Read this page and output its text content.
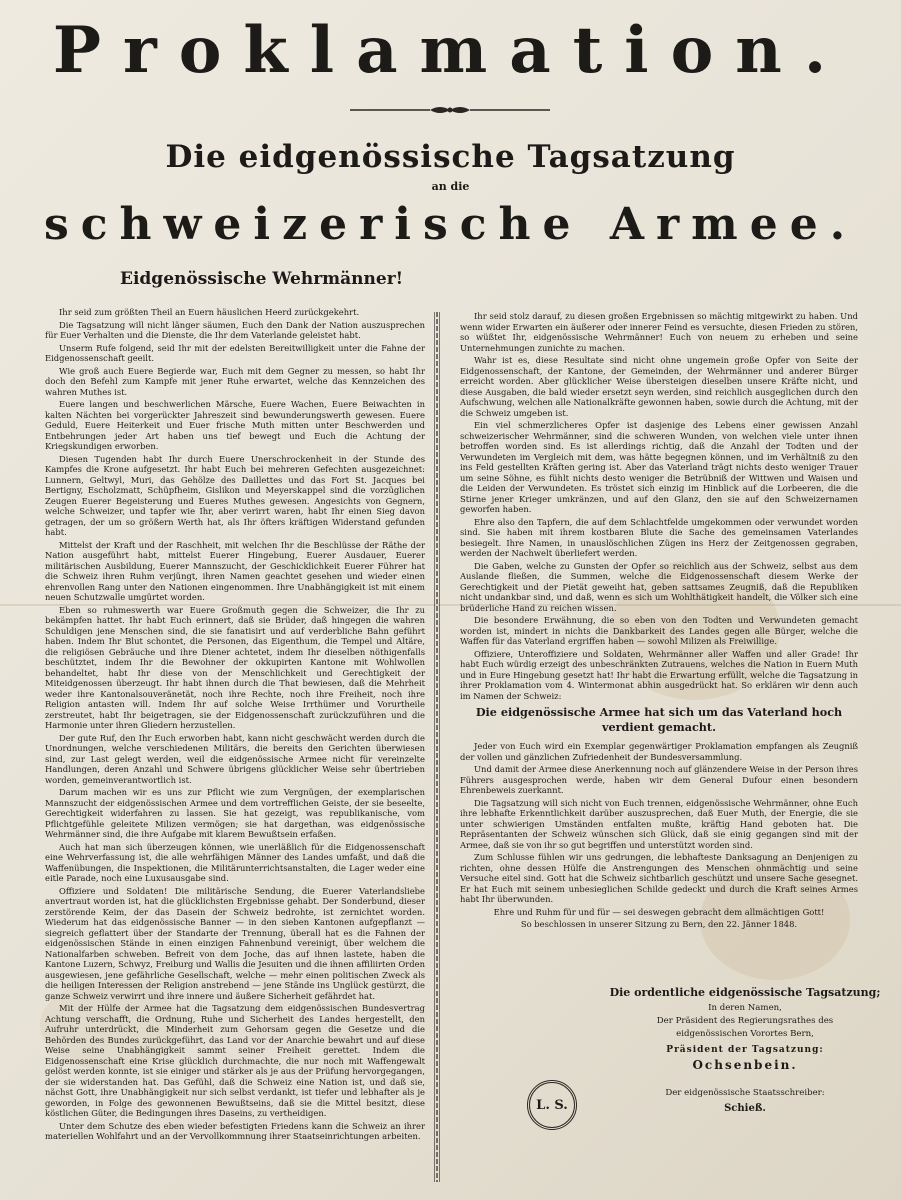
Proklamation.
Die eidgenössische Tagsatzung
an die
schweizerische Armee.
Eidgenössische Wehrmänner!

Ihr seid zum größten Theil an Euern häuslichen Heerd zurückgekehrt.

Die Tagsatzung will nicht länger säumen, Euch den Dank der Nation auszusprechen für Euer Verhalten und die Dienste, die Ihr dem Vaterlande geleistet habt.

Unserm Rufe folgend, seid Ihr mit der edelsten Bereitwilligkeit unter die Fahne der Eidgenossenschaft geeilt.

Wie groß auch Euere Begierde war, Euch mit dem Gegner zu messen, so habt Ihr doch den Befehl zum Kampfe mit jener Ruhe erwartet, welche das Kennzeichen des wahren Muthes ist.

Euere langen und beschwerlichen Märsche, Euere Wachen, Euere Beiwachten in kalten Nächten bei vorgerückter Jahreszeit sind bewunderungswerth gewesen. Euere Geduld, Euere Heiterkeit und Euer frische Muth mitten unter Beschwerden und Entbehrungen jeder Art haben uns tief bewegt und Euch die Achtung der Kriegskundigen erworben.

Diesen Tugenden habt Ihr durch Euere Unerschrockenheit in der Stunde des Kampfes die Krone aufgesetzt. Ihr habt Euch bei mehreren Gefechten ausgezeichnet: Lunnern, Geltwyl, Muri, das Gehölze des Daillettes und das Fort St. Jacques bei Bertigny, Escholzmatt, Schüpfheim, Gislikon und Meyerskappel sind die vorzüglichen Zeugen Euerer Begeisterung und Eueres Muthes gewesen. Angesichts von Gegnern, welche Schweizer, und tapfer wie Ihr, aber verirrt waren, habt Ihr einen Sieg davon getragen, der um so größern Werth hat, als Ihr öfters kräftigen Widerstand gefunden habt.

Mittelst der Kraft und der Raschheit, mit welchen Ihr die Beschlüsse der Räthe der Nation ausgeführt habt, mittelst Euerer Hingebung, Euerer Ausdauer, Euerer militärischen Ausbildung, Euerer Mannszucht, der Geschicklichkeit Euerer Führer hat die Schweiz ihren Ruhm verjüngt, ihren Namen geachtet gesehen und wieder einen ehrenvollen Rang unter den Nationen eingenommen. Ihre Unabhängigkeit ist mit einem neuen Schutzwalle umgürtet worden.

Eben so ruhmeswerth war Euere Großmuth gegen die Schweizer, die Ihr zu bekämpfen hattet. Ihr habt Euch erinnert, daß sie Brüder, daß hingegen die wahren Schuldigen jene Menschen sind, die sie fanatisirt und auf verderbliche Bahn geführt haben. Indem Ihr Blut schontet, die Personen, das Eigenthum, die Tempel und Altäre, die religiösen Gebräuche und ihre Diener achtetet, indem Ihr dieselben nöthigenfalls beschütztet, indem Ihr die Bewohner der okkupirten Kantone mit Wohlwollen behandeltet, habt Ihr diese von der Menschlichkeit und Gerechtigkeit der Miteidgenossen überzeugt. Ihr habt ihnen durch die That bewiesen, daß die Mehrheit weder ihre Kantonalsouveränetät, noch ihre Rechte, noch ihre Freiheit, noch ihre Religion antasten will. Indem Ihr auf solche Weise Irrthümer und Vorurtheile zerstreutet, habt Ihr beigetragen, sie der Eidgenossenschaft zurückzuführen und die Harmonie unter ihren Gliedern herzustellen.

Der gute Ruf, den Ihr Euch erworben habt, kann nicht geschwächt werden durch die Unordnungen, welche verschiedenen Militärs, die bereits den Gerichten überwiesen sind, zur Last gelegt werden, weil die eidgenössische Armee nicht für vereinzelte Handlungen, deren Anzahl und Schwere übrigens glücklicher Weise sehr übertrieben worden, gemeinverantwortlich ist.

Darum machen wir es uns zur Pflicht wie zum Vergnügen, der exemplarischen Mannszucht der eidgenössischen Armee und dem vortrefflichen Geiste, der sie beseelte, Gerechtigkeit widerfahren zu lassen. Sie hat gezeigt, was republikanische, vom Pflichtgefühle geleitete Milizen vermögen; sie hat dargethan, was eidgenössische Wehrmänner sind, die ihre Aufgabe mit klarem Bewußtsein erfaßen.

Auch hat man sich überzeugen können, wie unerläßlich für die Eidgenossenschaft eine Wehrverfassung ist, die alle wehrfähigen Männer des Landes umfaßt, und daß die Waffenübungen, die Inspektionen, die Militärunterrichtsanstalten, die Lager weder eine eitle Parade, noch eine Luxusausgabe sind.

Offiziere und Soldaten! Die militärische Sendung, die Euerer Vaterlandsliebe anvertraut worden ist, hat die glücklichsten Ergebnisse gehabt. Der Sonderbund, dieser zerstörende Keim, der das Dasein der Schweiz bedrohte, ist zernichtet worden. Wiederum hat das eidgenössische Banner — in den sieben Kantonen aufgepflanzt — siegreich geflattert über der Standarte der Trennung, überall hat es die Fahnen der eidgenössischen Stände in einen einzigen Fahnenbund vereinigt, über welchem die Nationalfarben schweben. Befreit von dem Joche, das auf ihnen lastete, haben die Kantone Luzern, Schwyz, Freiburg und Wallis die Jesuiten und die ihnen affiliirten Orden ausgewiesen, jene gefährliche Gesellschaft, welche — mehr einen politischen Zweck als die heiligen Interessen der Religion anstrebend — jene Stände ins Unglück gestürzt, die ganze Schweiz verwirrt und ihre innere und äußere Sicherheit gefährdet hat.

Mit der Hülfe der Armee hat die Tagsatzung dem eidgenössischen Bundesvertrag Achtung verschafft, die Ordnung, Ruhe und Sicherheit des Landes hergestellt, den Aufruhr unterdrückt, die Minderheit zum Gehorsam gegen die Gesetze und die Behörden des Bundes zurückgeführt, das Land vor der Anarchie bewahrt und auf diese Weise seine Unabhängigkeit sammt seiner Freiheit gerettet. Indem die Eidgenossenschaft eine Krise glücklich durchmachte, die nur noch mit Waffengewalt gelöst werden konnte, ist sie einiger und stärker als je aus der Prüfung hervorgegangen, der sie widerstanden hat. Das Gefühl, daß die Schweiz eine Nation ist, und daß sie, nächst Gott, ihre Unabhängigkeit nur sich selbst verdankt, ist tiefer und lebhafter als je geworden, in Folge des gewonnenen Bewußtseins, daß sie die Mittel besitzt, diese köstlichen Güter, die Bedingungen ihres Daseins, zu vertheidigen.

Unter dem Schutze des eben wieder befestigten Friedens kann die Schweiz an ihrer materiellen Wohlfahrt und an der Vervollkommnung ihrer Staatseinrichtungen arbeiten.

Ihr seid stolz darauf, zu diesen großen Ergebnissen so mächtig mitgewirkt zu haben. Und wenn wider Erwarten ein äußerer oder innerer Feind es versuchte, diesen Frieden zu stören, so wüßtet Ihr, eidgenössische Wehrmänner! Euch von neuem zu erheben und seine Unternehmungen zunichte zu machen.

Wahr ist es, diese Resultate sind nicht ohne ungemein große Opfer von Seite der Eidgenossenschaft, der Kantone, der Gemeinden, der Wehrmänner und anderer Bürger erreicht worden. Aber glücklicher Weise übersteigen dieselben unsere Kräfte nicht, und diese Ausgaben, die bald wieder ersetzt seyn werden, sind reichlich ausgeglichen durch den Aufschwung, welchen alle Nationalkräfte gewonnen haben, sowie durch die Achtung, mit der die Schweiz umgeben ist.

Ein viel schmerzlicheres Opfer ist dasjenige des Lebens einer gewissen Anzahl schweizerischer Wehrmänner, sind die schweren Wunden, von welchen viele unter ihnen betroffen worden sind. Es ist allerdings richtig, daß die Anzahl der Todten und der Verwundeten im Vergleich mit dem, was hätte begegnen können, und im Verhältniß zu den ins Feld gestellten Kräften gering ist. Aber das Vaterland trägt nichts desto weniger Trauer um seine Söhne, es fühlt nichts desto weniger die Betrübniß der Wittwen und Waisen und die Leiden der Verwundeten. Es tröstet sich einzig im Hinblick auf die Lorbeeren, die die Stirne jener Krieger umkränzen, und auf den Glanz, den sie auf den Schweizernamen geworfen haben.

Ehre also den Tapfern, die auf dem Schlachtfelde umgekommen oder verwundet worden sind. Sie haben mit ihrem kostbaren Blute die Sache des gemeinsamen Vaterlandes besiegelt. Ihre Namen, in unauslöschlichen Zügen ins Herz der Zeitgenossen gegraben, werden der Nachwelt überliefert werden.

Die Gaben, welche zu Gunsten der Opfer so reichlich aus der Schweiz, selbst aus dem Auslande fließen, die Summen, welche die Eidgenossenschaft diesem Werke der Gerechtigkeit und der Pietät geweiht hat, geben sattsames Zeugniß, daß die Republiken nicht undankbar sind, und daß, wenn es sich um Wohlthätigkeit handelt, die Völker sich eine brüderliche Hand zu reichen wissen.

Die besondere Erwähnung, die so eben von den Todten und Verwundeten gemacht worden ist, mindert in nichts die Dankbarkeit des Landes gegen alle Bürger, welche die Waffen für das Vaterland ergriffen haben — sowohl Milizen als Freiwillige.

Offiziere, Unteroffiziere und Soldaten, Wehrmänner aller Waffen und aller Grade! Ihr habt Euch würdig erzeigt des unbeschränkten Zutrauens, welches die Nation in Euern Muth und in Eure Hingebung gesetzt hat! Ihr habt die Erwartung erfüllt, welche die Tagsatzung in ihrer Proklamation vom 4. Wintermonat abhin ausgedrückt hat. So erklären wir denn auch im Namen der Schweiz:

Die eidgenössische Armee hat sich um das Vaterland hoch verdient gemacht.

Jeder von Euch wird ein Exemplar gegenwärtiger Proklamation empfangen als Zeugniß der vollen und gänzlichen Zufriedenheit der Bundesversammlung.

Und damit der Armee diese Anerkennung noch auf glänzendere Weise in der Person ihres Führers ausgesprochen werde, haben wir dem General Dufour einen besondern Ehrenbeweis zuerkannt.

Die Tagsatzung will sich nicht von Euch trennen, eidgenössische Wehrmänner, ohne Euch ihre lebhafte Erkenntlichkeit darüber auszusprechen, daß Euer Muth, der Energie, die sie unter schwierigen Umständen entfalten mußte, kräftig Hand geboten hat. Die Repräsentanten der Schweiz wünschen sich Glück, daß sie einig gegangen sind mit der Armee, daß sie von ihr so gut begriffen und unterstützt worden sind.

Zum Schlusse fühlen wir uns gedrungen, die lebhafteste Danksagung an Denjenigen zu richten, ohne dessen Hülfe die Anstrengungen des Menschen ohnmächtig und seine Versuche eitel sind. Gott hat die Schweiz sichtbarlich geschützt und unsere Sache gesegnet. Er hat Euch mit seinem unbesieglichen Schilde gedeckt und durch die Kraft seines Armes habt Ihr überwunden.

Ehre und Ruhm für und für — sei deswegen gebracht dem allmächtigen Gott!

So beschlossen in unserer Sitzung zu Bern, den 22. Jänner 1848.

Die ordentliche eidgenössische Tagsatzung;
In deren Namen,
Der Präsident des Regierungsrathes des
eidgenössischen Vorortes Bern,
Präsident der Tagsatzung:
Ochsenbein.
Der eidgenössische Staatsschreiber:
Schieß.
L. S.
